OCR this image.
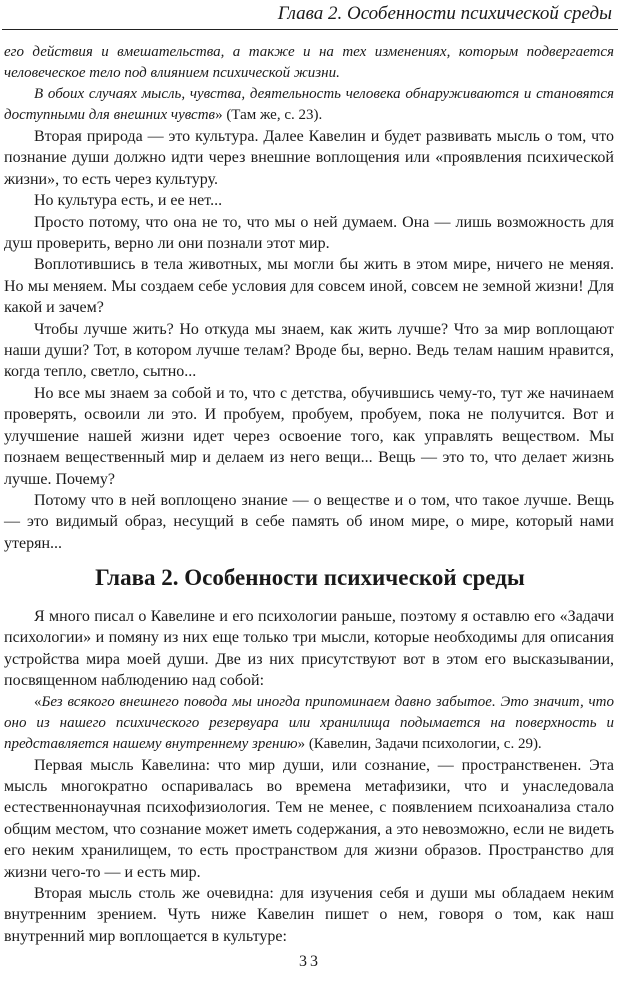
Глава 2. Особенности психической среды

его действия и вмешательства, а также и на тех изменениях, которым подвергается человеческое тело под влиянием психической жизни.

В обоих случаях мысль, чувства, деятельность человека обнаруживаются и становятся доступными для внешних чувств» (Там же, с. 23).

Вторая природа — это культура. Далее Кавелин и будет развивать мысль о том, что познание души должно идти через внешние воплощения или «проявления психической жизни», то есть через культуру.

Но культура есть, и ее нет...

Просто потому, что она не то, что мы о ней думаем. Она — лишь возможность для душ проверить, верно ли они познали этот мир.

Воплотившись в тела животных, мы могли бы жить в этом мире, ничего не меняя. Но мы меняем. Мы создаем себе условия для совсем иной, совсем не земной жизни! Для какой и зачем?

Чтобы лучше жить? Но откуда мы знаем, как жить лучше? Что за мир воплощают наши души? Тот, в котором лучше телам? Вроде бы, верно. Ведь телам нашим нравится, когда тепло, светло, сытно...

Но все мы знаем за собой и то, что с детства, обучившись чему-то, тут же начинаем проверять, освоили ли это. И пробуем, пробуем, пробуем, пока не получится. Вот и улучшение нашей жизни идет через освоение того, как управлять веществом. Мы познаем вещественный мир и делаем из него вещи... Вещь — это то, что делает жизнь лучше. Почему?

Потому что в ней воплощено знание — о веществе и о том, что такое лучше. Вещь — это видимый образ, несущий в себе память об ином мире, о мире, который нами утерян...

Глава 2. Особенности психической среды

Я много писал о Кавелине и его психологии раньше, поэтому я оставлю его «Задачи психологии» и помяну из них еще только три мысли, которые необходимы для описания устройства мира моей души. Две из них присутствуют вот в этом его высказывании, посвященном наблюдению над собой:

«Без всякого внешнего повода мы иногда припоминаем давно забытое. Это значит, что оно из нашего психического резервуара или хранилища подымается на поверхность и представляется нашему внутреннему зрению» (Кавелин, Задачи психологии, с. 29).

Первая мысль Кавелина: что мир души, или сознание, — пространственен. Эта мысль многократно оспаривалась во времена метафизики, что и унаследовала естественнонаучная психофизиология. Тем не менее, с появлением психоанализа стало общим местом, что сознание может иметь содержания, а это невозможно, если не видеть его неким хранилищем, то есть пространством для жизни образов. Пространство для жизни чего-то — и есть мир.

Вторая мысль столь же очевидна: для изучения себя и души мы обладаем неким внутренним зрением. Чуть ниже Кавелин пишет о нем, говоря о том, как наш внутренний мир воплощается в культуре:

33
